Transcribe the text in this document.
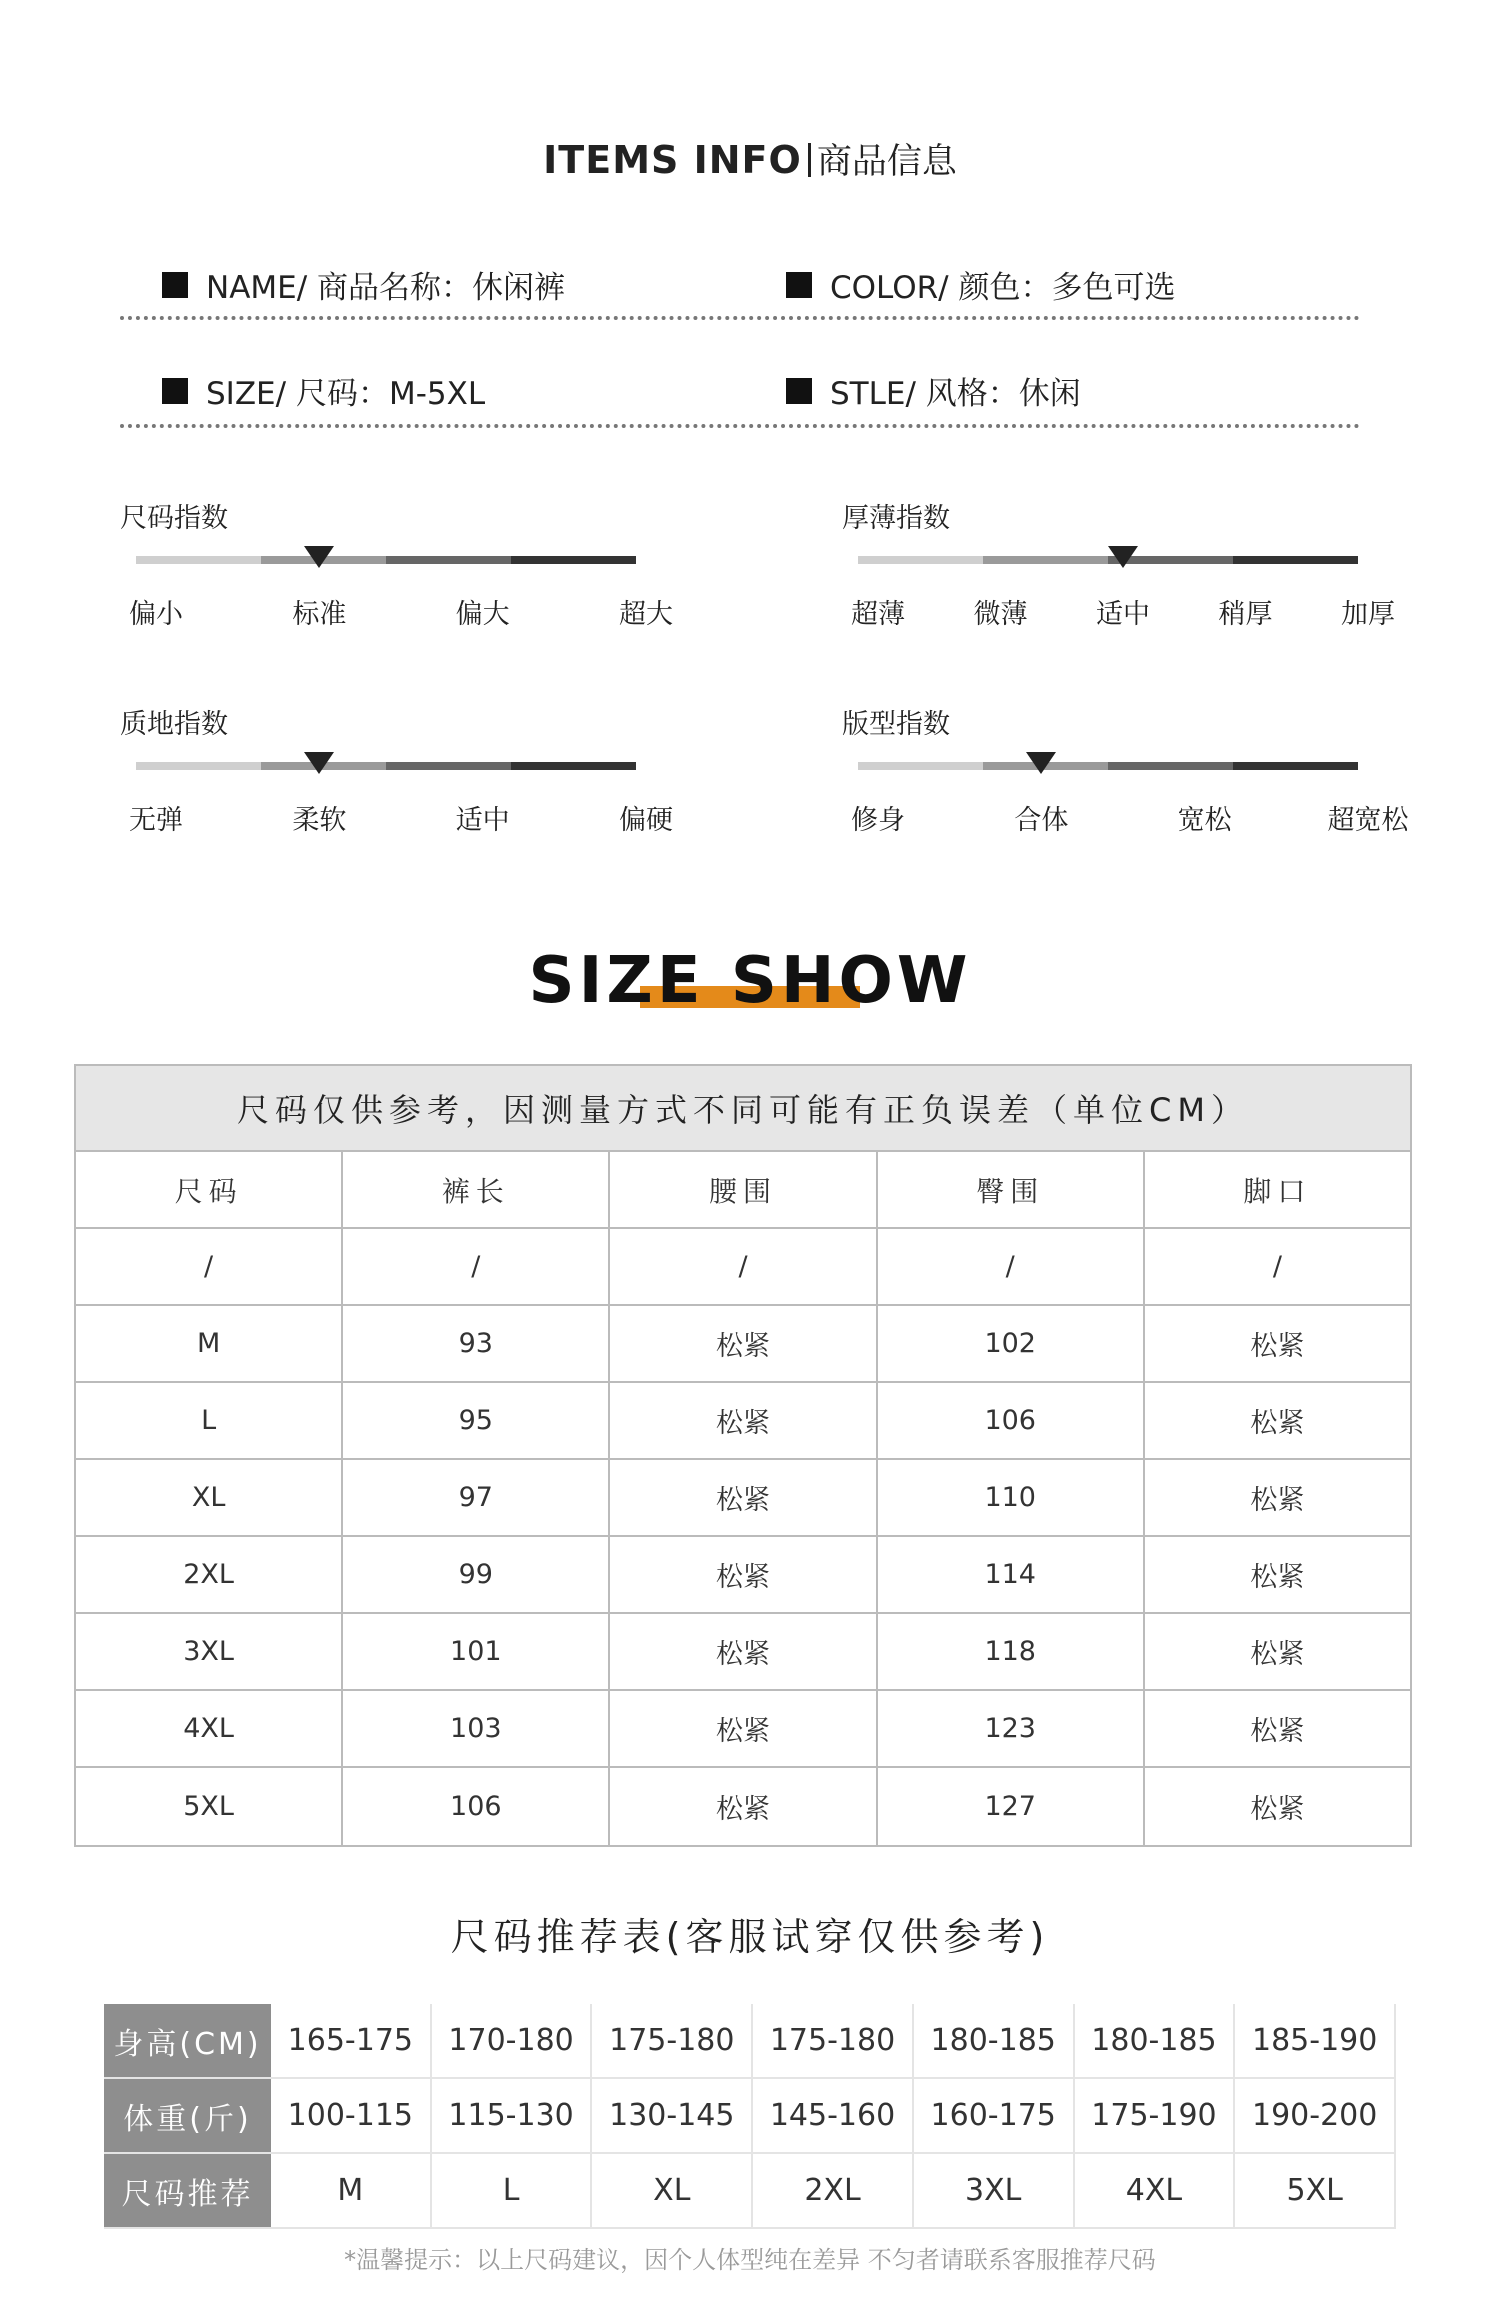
ITEMS INFO 商品信息
NAME/ 商品名称：休闲裤	COLOR/ 颜色：多色可选
SIZE/ 尺码：M-5XL	STLE/ 风格：休闲
尺码指数
偏小	标准	偏大	超大
厚薄指数
超薄	微薄	适中	稍厚	加厚
质地指数
无弹	柔软	适中	偏硬
版型指数
修身	合体	宽松	超宽松
SIZE SHOW
尺码仅供参考，因测量方式不同可能有正负误差（单位CM）
尺码	裤长	腰围	臀围	脚口
/	/	/	/	/
M	93	松紧	102	松紧
L	95	松紧	106	松紧
XL	97	松紧	110	松紧
2XL	99	松紧	114	松紧
3XL	101	松紧	118	松紧
4XL	103	松紧	123	松紧
5XL	106	松紧	127	松紧
尺码推荐表(客服试穿仅供参考)
身高(CM) 165-175	170-180	175-180	175-180	180-185	180-185	185-190
体重(斤)	100-115	115-130	130-145	145-160	160-175	175-190	190-200
尺码推荐	M	L	XL	2XL	3XL	4XL	5XL
*温馨提示：以上尺码建议，因个人体型纯在差异 不匀者请联系客服推荐尺码
